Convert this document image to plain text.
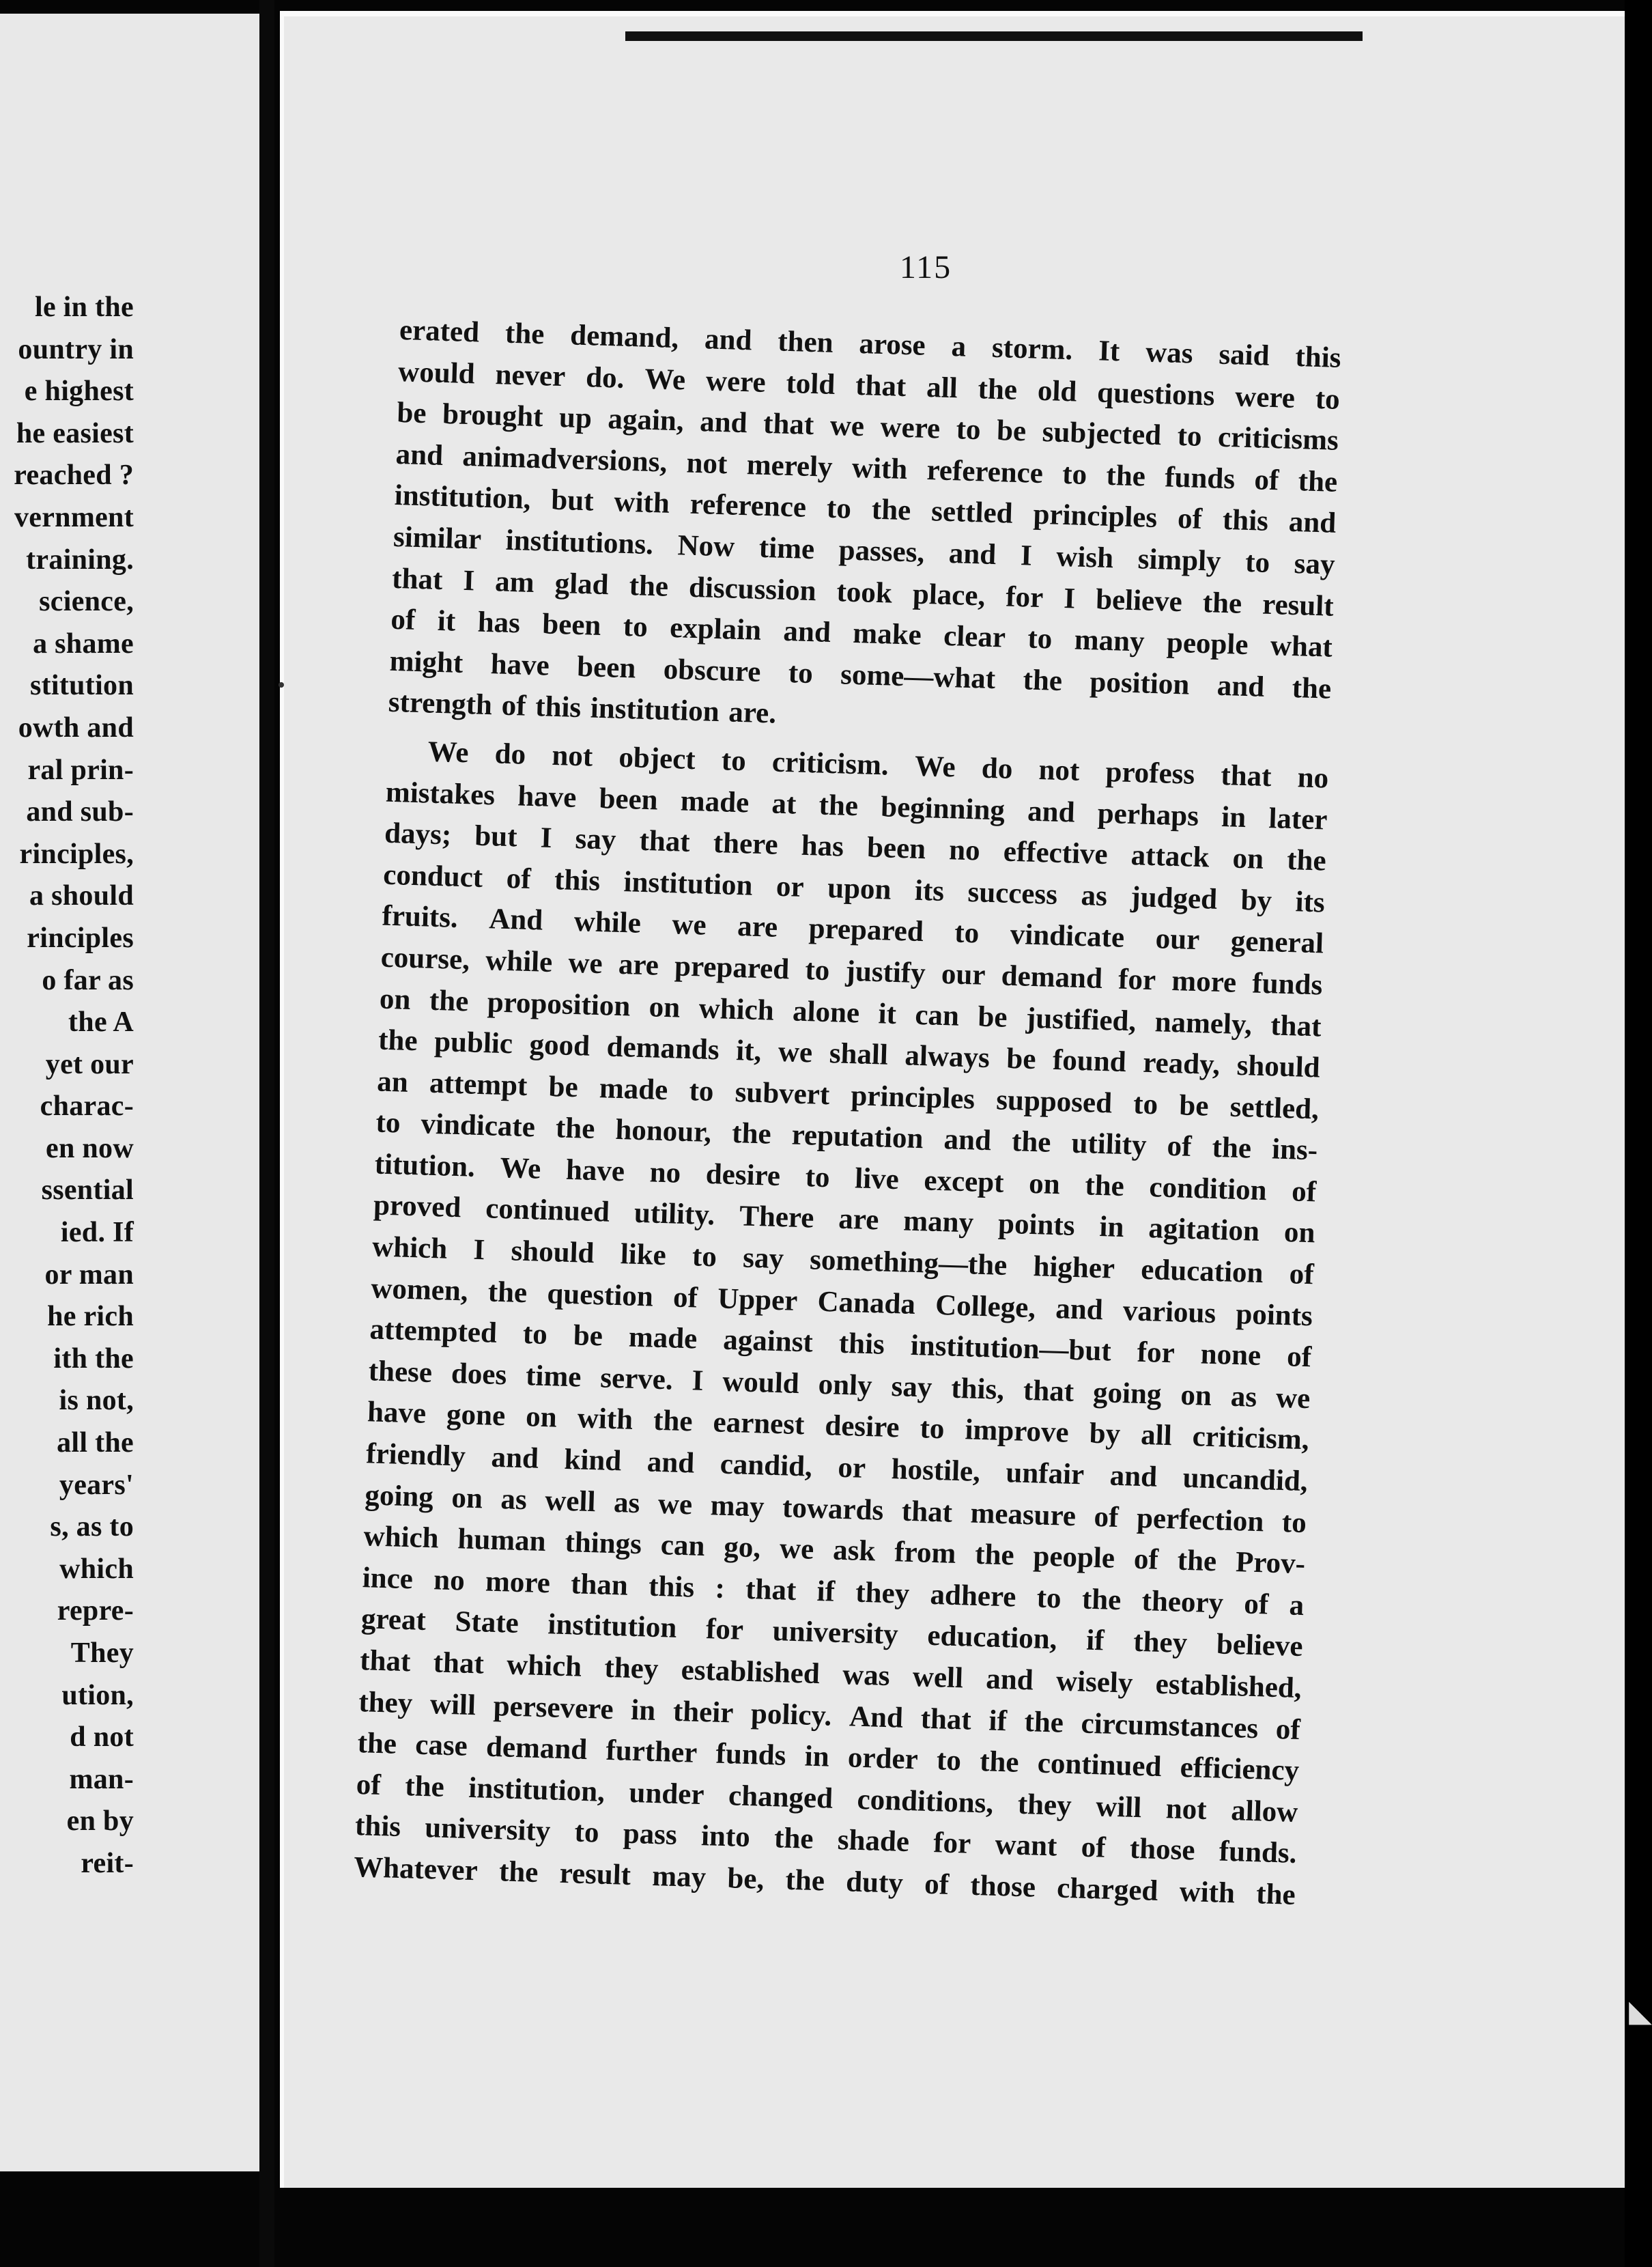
le in the
ountry in
e highest
he easiest
reached ?
vernment
training.
science,
a shame
stitution
owth and
ral prin-
and sub-
rinciples,
a should
rinciples
o far as
the A
yet our
charac-
en now
ssential
ied. If
or man
he rich
ith the
is not,
all the
years'
s, as to
which
repre-
They
ution,
d not
man-
en by
reit-
115
erated the demand, and then arose a storm. It was said this
would never do. We were told that all the old questions were to
be brought up again, and that we were to be subjected to criticisms
and animadversions, not merely with reference to the funds of the
institution, but with reference to the settled principles of this and
similar institutions. Now time passes, and I wish simply to say
that I am glad the discussion took place, for I believe the result
of it has been to explain and make clear to many people what
might have been obscure to some—what the position and the
strength of this institution are.
We do not object to criticism. We do not profess that no
mistakes have been made at the beginning and perhaps in later
days; but I say that there has been no effective attack on the
conduct of this institution or upon its success as judged by its
fruits. And while we are prepared to vindicate our general
course, while we are prepared to justify our demand for more funds
on the proposition on which alone it can be justified, namely, that
the public good demands it, we shall always be found ready, should
an attempt be made to subvert principles supposed to be settled,
to vindicate the honour, the reputation and the utility of the ins-
titution. We have no desire to live except on the condition of
proved continued utility. There are many points in agitation on
which I should like to say something—the higher education of
women, the question of Upper Canada College, and various points
attempted to be made against this institution—but for none of
these does time serve. I would only say this, that going on as we
have gone on with the earnest desire to improve by all criticism,
friendly and kind and candid, or hostile, unfair and uncandid,
going on as well as we may towards that measure of perfection to
which human things can go, we ask from the people of the Prov-
ince no more than this : that if they adhere to the theory of a
great State institution for university education, if they believe
that that which they established was well and wisely established,
they will persevere in their policy. And that if the circumstances of
the case demand further funds in order to the continued efficiency
of the institution, under changed conditions, they will not allow
this university to pass into the shade for want of those funds.
Whatever the result may be, the duty of those charged with the
◣
